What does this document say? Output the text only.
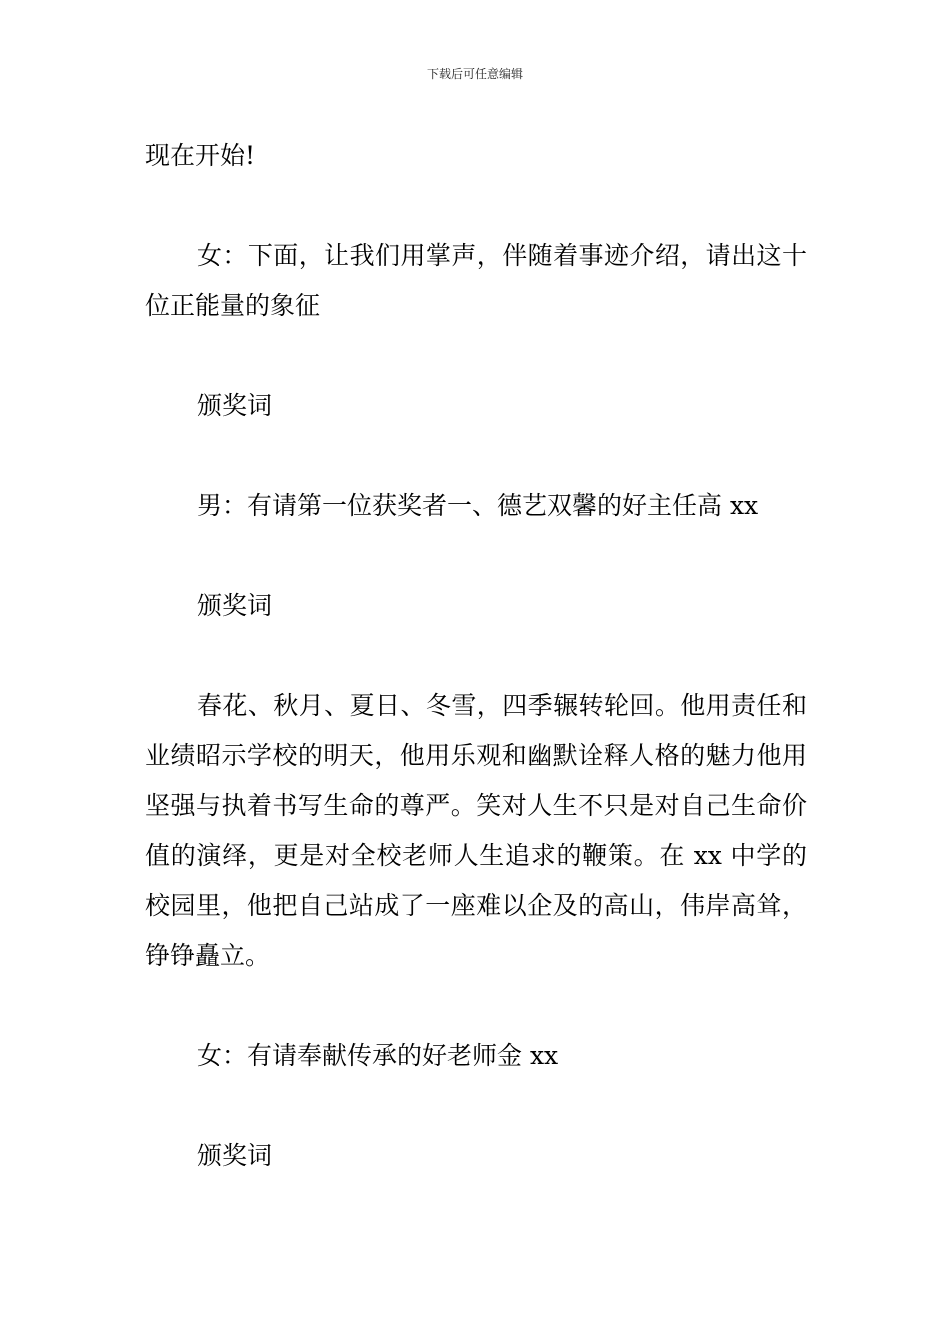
下载后可任意编辑

现在开始!

女：下面，让我们用掌声，伴随着事迹介绍，请出这十位正能量的象征

颁奖词

男：有请第一位获奖者一、德艺双馨的好主任高 xx

颁奖词

春花、秋月、夏日、冬雪，四季辗转轮回。他用责任和业绩昭示学校的明天，他用乐观和幽默诠释人格的魅力他用坚强与执着书写生命的尊严。笑对人生不只是对自己生命价值的演绎，更是对全校老师人生追求的鞭策。在 xx 中学的校园里，他把自己站成了一座难以企及的高山，伟岸高耸，铮铮矗立。

女：有请奉献传承的好老师金 xx

颁奖词
